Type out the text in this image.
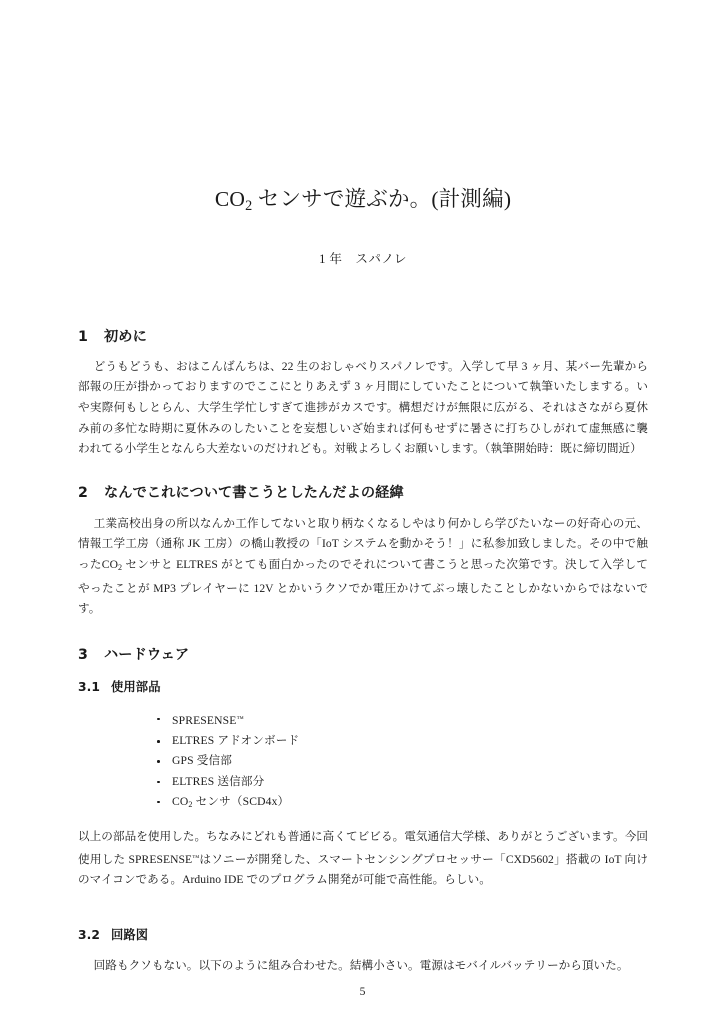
$CO_2$ センサで遊ぶか。(計測編)

1 年　スパノレ

1 初めに

どうもどうも、おはこんばんちは、22 生のおしゃべりスパノレです。入学して早 3 ヶ月、某バー先輩から部報の圧が掛かっておりますのでここにとりあえず 3 ヶ月間にしていたことについて執筆いたしまする。いや実際何もしとらん、大学生学忙しすぎて進捗がカスです。構想だけが無限に広がる、それはさながら夏休み前の多忙な時期に夏休みのしたいことを妄想しいざ始まれば何もせずに暑さに打ちひしがれて虚無感に襲われてる小学生となんら大差ないのだけれども。対戦よろしくお願いします。（執筆開始時：既に締切間近）

2 なんでこれについて書こうとしたんだよの経緯

工業高校出身の所以なんか工作してないと取り柄なくなるしやはり何かしら学びたいなーの好奇心の元、情報工学工房（通称 JK 工房）の橋山教授の「IoT システムを動かそう！」に私参加致しました。その中で触った$CO_2$ センサと ELTRES がとても面白かったのでそれについて書こうと思った次第です。決して入学してやったことが MP3 プレイヤーに 12V とかいうクソでか電圧かけてぶっ壊したことしかないからではないです。

3 ハードウェア
3.1 使用部品
SPRESENSE™
ELTRES アドオンボード
GPS 受信部
ELTRES 送信部分
$CO_2$ センサ（SCD4x）

以上の部品を使用した。ちなみにどれも普通に高くてビビる。電気通信大学様、ありがとうございます。今回使用した SPRESENSE™はソニーが開発した、スマートセンシングプロセッサー「CXD5602」搭載の IoT 向けのマイコンである。Arduino IDE でのプログラム開発が可能で高性能。らしい。

3.2 回路図

回路もクソもない。以下のように組み合わせた。結構小さい。電源はモバイルバッテリーから頂いた。

5
